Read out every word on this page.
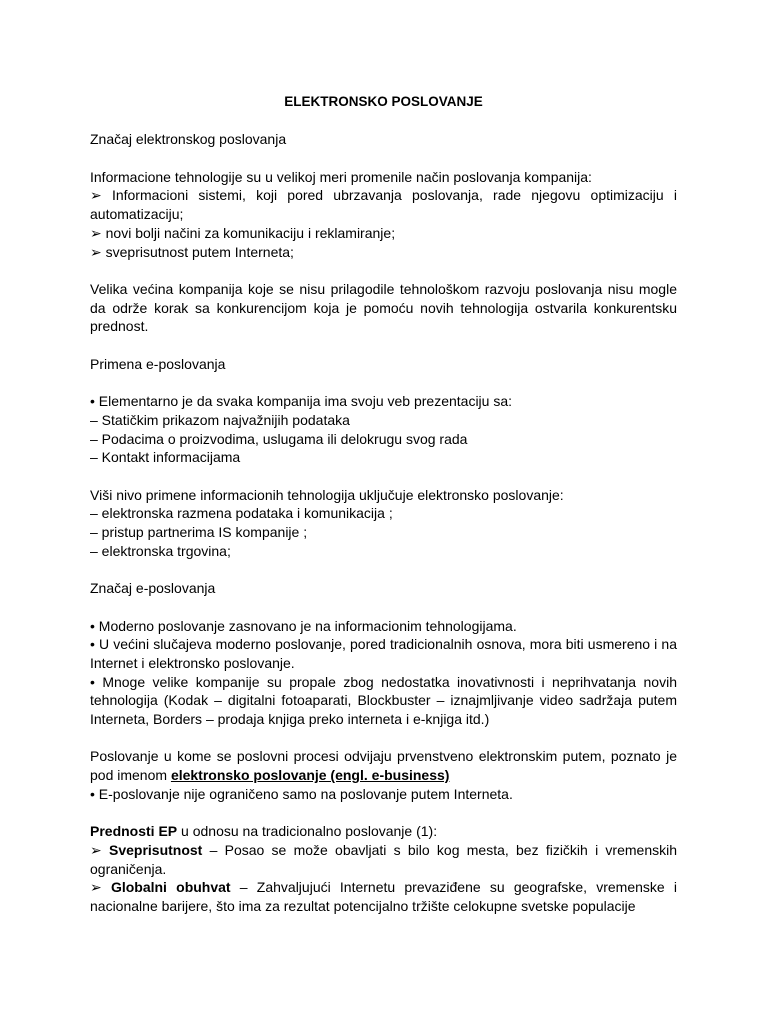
ELEKTRONSKO POSLOVANJE

Značaj elektronskog poslovanja

Informacione tehnologije su u velikoj meri promenile način poslovanja kompanija:

➢ Informacioni sistemi, koji pored ubrzavanja poslovanja, rade njegovu optimizaciju i automatizaciju;

➢ novi bolji načini za komunikaciju i reklamiranje;

➢ sveprisutnost putem Interneta;

Velika većina kompanija koje se nisu prilagodile tehnološkom razvoju poslovanja nisu mogle da održe korak sa konkurencijom koja je pomoću novih tehnologija ostvarila konkurentsku prednost.

Primena e-poslovanja

• Elementarno je da svaka kompanija ima svoju veb prezentaciju sa:

– Statičkim prikazom najvažnijih podataka

– Podacima o proizvodima, uslugama ili delokrugu svog rada

– Kontakt informacijama

Viši nivo primene informacionih tehnologija uključuje elektronsko poslovanje:

– elektronska razmena podataka i komunikacija ;

– pristup partnerima IS kompanije ;

– elektronska trgovina;

Značaj e-poslovanja

• Moderno poslovanje zasnovano je na informacionim tehnologijama.

• U većini slučajeva moderno poslovanje, pored tradicionalnih osnova, mora biti usmereno i na Internet i elektronsko poslovanje.

• Mnoge velike kompanije su propale zbog nedostatka inovativnosti i neprihvatanja novih tehnologija (Kodak – digitalni fotoaparati, Blockbuster – iznajmljivanje video sadržaja putem Interneta, Borders – prodaja knjiga preko interneta i e-knjiga itd.)

Poslovanje u kome se poslovni procesi odvijaju prvenstveno elektronskim putem, poznato je pod imenom elektronsko poslovanje (engl. e-business)

• E-poslovanje nije ograničeno samo na poslovanje putem Interneta.

Prednosti EP u odnosu na tradicionalno poslovanje (1):

➢ Sveprisutnost – Posao se može obavljati s bilo kog mesta, bez fizičkih i vremenskih ograničenja.

➢ Globalni obuhvat – Zahvaljujući Internetu prevaziđene su geografske, vremenske i nacionalne barijere, što ima za rezultat potencijalno tržište celokupne svetske populacije
